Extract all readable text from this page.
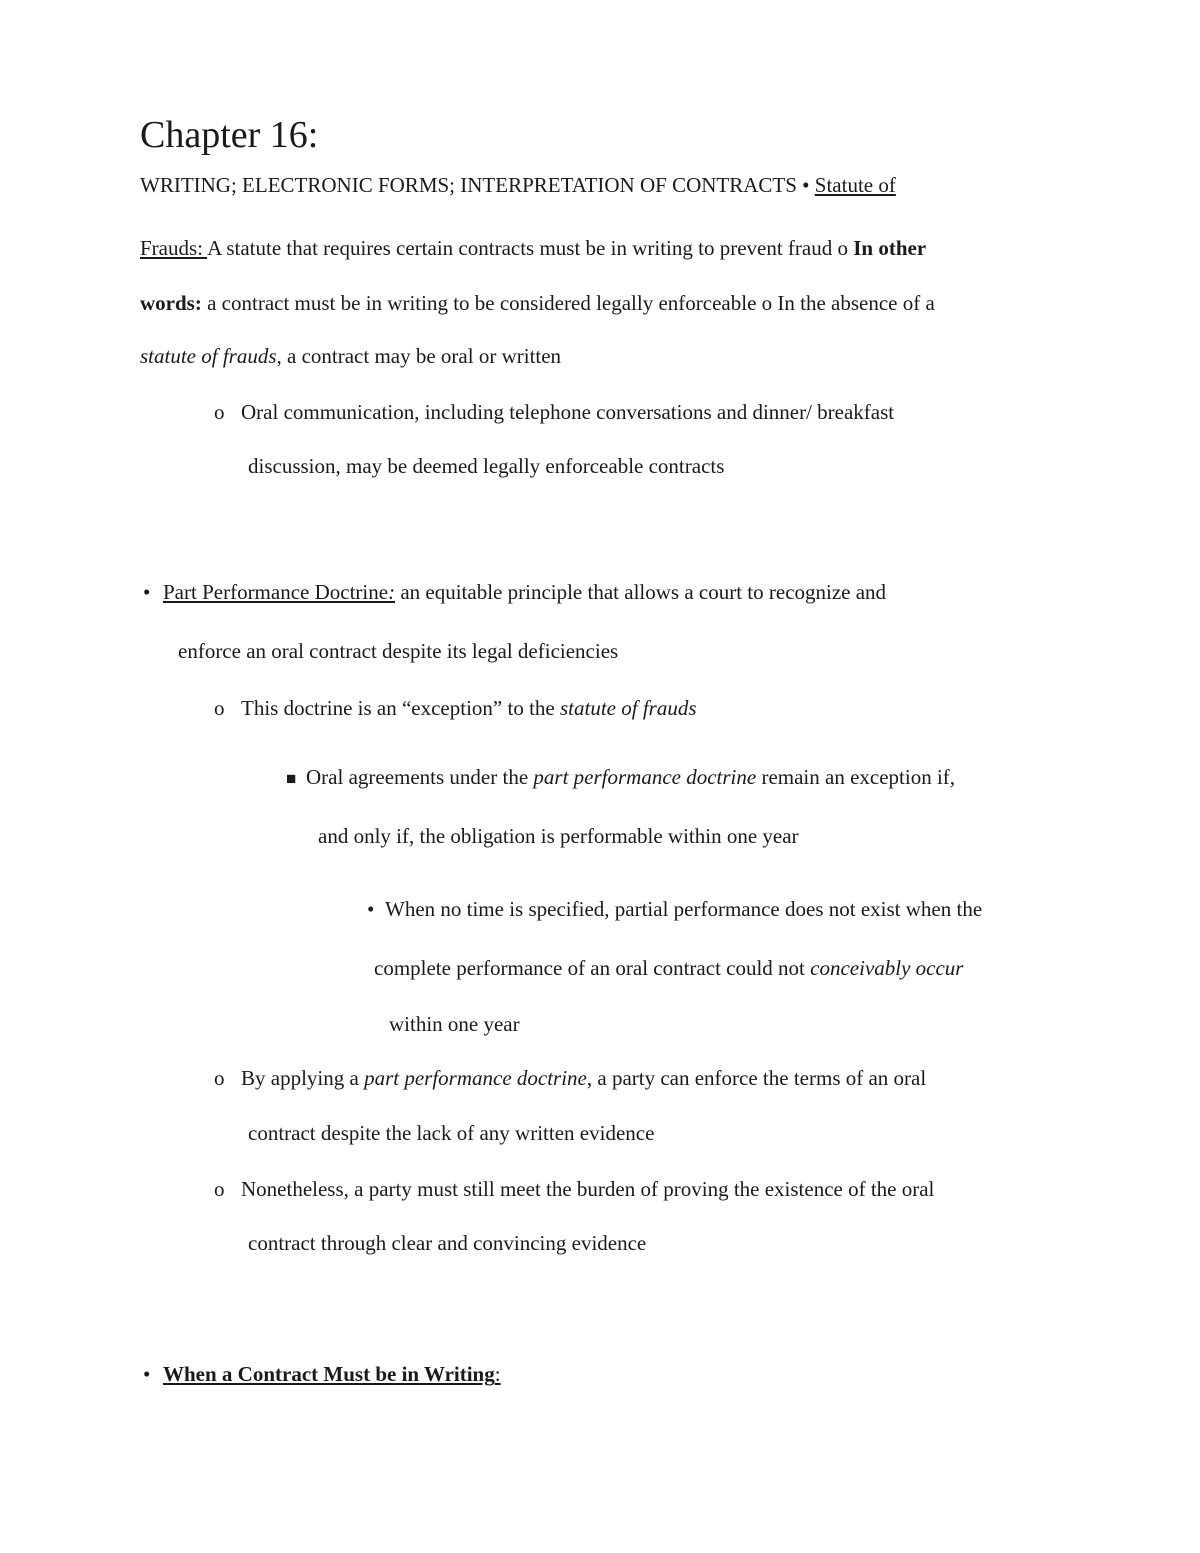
Chapter 16:
WRITING; ELECTRONIC FORMS; INTERPRETATION OF CONTRACTS • Statute of
Frauds: A statute that requires certain contracts must be in writing to prevent fraud o In other
words: a contract must be in writing to be considered legally enforceable o In the absence of a
statute of frauds, a contract may be oral or written
o Oral communication, including telephone conversations and dinner/ breakfast
discussion, may be deemed legally enforceable contracts
• Part Performance Doctrine: an equitable principle that allows a court to recognize and
enforce an oral contract despite its legal deficiencies
o This doctrine is an “exception” to the statute of frauds
■ Oral agreements under the part performance doctrine remain an exception if,
and only if, the obligation is performable within one year
• When no time is specified, partial performance does not exist when the
complete performance of an oral contract could not conceivably occur
within one year
o By applying a part performance doctrine, a party can enforce the terms of an oral
contract despite the lack of any written evidence
o Nonetheless, a party must still meet the burden of proving the existence of the oral
contract through clear and convincing evidence
• When a Contract Must be in Writing:
